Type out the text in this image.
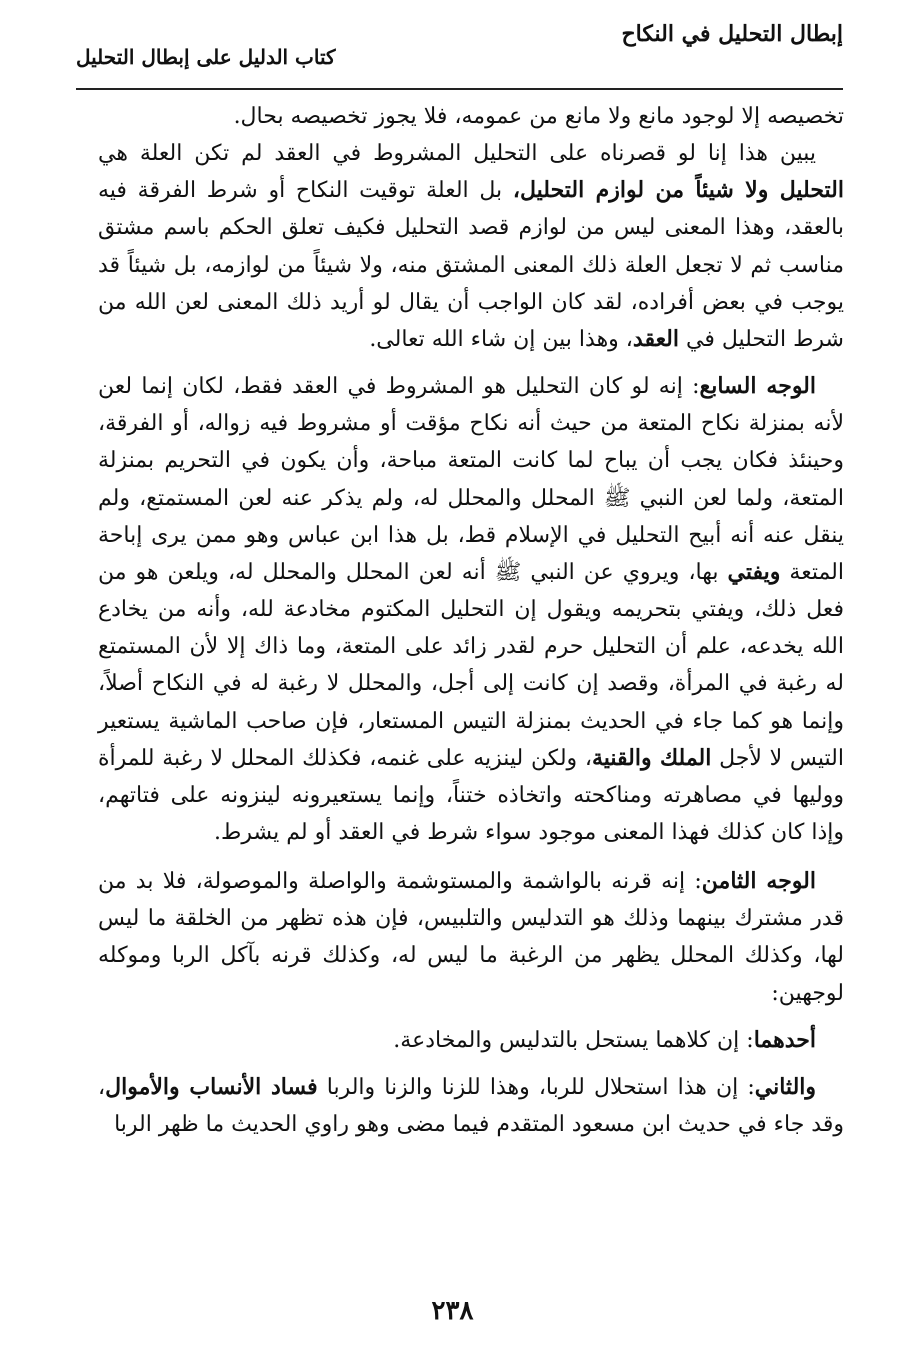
إبطال التحليل في النكاح
كتاب الدليل على إبطال التحليل

تخصيصه إلا لوجود مانع ولا مانع من عمومه، فلا يجوز تخصيصه بحال.

يبين هذا إنا لو قصرناه على التحليل المشروط في العقد لم تكن العلة هي التحليل ولا شيئاً من لوازم التحليل، بل العلة توقيت النكاح أو شرط الفرقة فيه بالعقد، وهذا المعنى ليس من لوازم قصد التحليل فكيف تعلق الحكم باسم مشتق مناسب ثم لا تجعل العلة ذلك المعنى المشتق منه، ولا شيئاً من لوازمه، بل شيئاً قد يوجب في بعض أفراده، لقد كان الواجب أن يقال لو أريد ذلك المعنى لعن الله من شرط التحليل في العقد، وهذا بين إن شاء الله تعالى.

الوجه السابع: إنه لو كان التحليل هو المشروط في العقد فقط، لكان إنما لعن لأنه بمنزلة نكاح المتعة من حيث أنه نكاح مؤقت أو مشروط فيه زواله، أو الفرقة، وحينئذ فكان يجب أن يباح لما كانت المتعة مباحة، وأن يكون في التحريم بمنزلة المتعة، ولما لعن النبي ﷺ المحلل والمحلل له، ولم يذكر عنه لعن المستمتع، ولم ينقل عنه أنه أبيح التحليل في الإسلام قط، بل هذا ابن عباس وهو ممن يرى إباحة المتعة ويفتي بها، ويروي عن النبي ﷺ أنه لعن المحلل والمحلل له، ويلعن هو من فعل ذلك، ويفتي بتحريمه ويقول إن التحليل المكتوم مخادعة لله، وأنه من يخادع الله يخدعه، علم أن التحليل حرم لقدر زائد على المتعة، وما ذاك إلا لأن المستمتع له رغبة في المرأة، وقصد إن كانت إلى أجل، والمحلل لا رغبة له في النكاح أصلاً، وإنما هو كما جاء في الحديث بمنزلة التيس المستعار، فإن صاحب الماشية يستعير التيس لا لأجل الملك والقنية، ولكن لينزيه على غنمه، فكذلك المحلل لا رغبة للمرأة ووليها في مصاهرته ومناكحته واتخاذه ختناً، وإنما يستعيرونه لينزونه على فتاتهم، وإذا كان كذلك فهذا المعنى موجود سواء شرط في العقد أو لم يشرط.

الوجه الثامن: إنه قرنه بالواشمة والمستوشمة والواصلة والموصولة، فلا بد من قدر مشترك بينهما وذلك هو التدليس والتلبيس، فإن هذه تظهر من الخلقة ما ليس لها، وكذلك المحلل يظهر من الرغبة ما ليس له، وكذلك قرنه بآكل الربا وموكله لوجهين:

أحدهما: إن كلاهما يستحل بالتدليس والمخادعة.

والثاني: إن هذا استحلال للربا، وهذا للزنا والزنا والربا فساد الأنساب والأموال، وقد جاء في حديث ابن مسعود المتقدم فيما مضى وهو راوي الحديث ما ظهر الربا

٢٣٨
